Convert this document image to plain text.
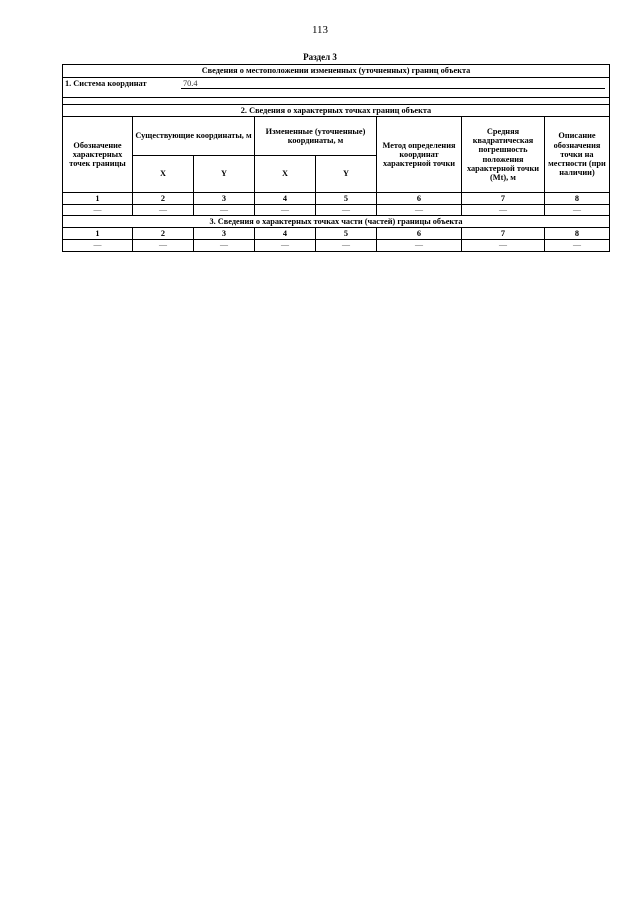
113
Раздел 3
Сведения о местоположении измененных (уточненных) границ объекта							
1. Система координат 70.4							

2. Сведения о характерных точках границ объекта							
Обозначение характерных точек границы	Существующие координаты, м		Измененные (уточненные) координаты, м		Метод определения координат характерной точки	Средняя квадратическая погрешность положения характерной точки (Mt), м	Описание обозначения точки на местности (при наличии)
	X	Y	X	Y			
1	2	3	4	5	6	7	8
—	—	—	—	—	—	—	—
3. Сведения о характерных точках части (частей) границы объекта							
1	2	3	4	5	6	7	8
—	—	—	—	—	—	—	—
